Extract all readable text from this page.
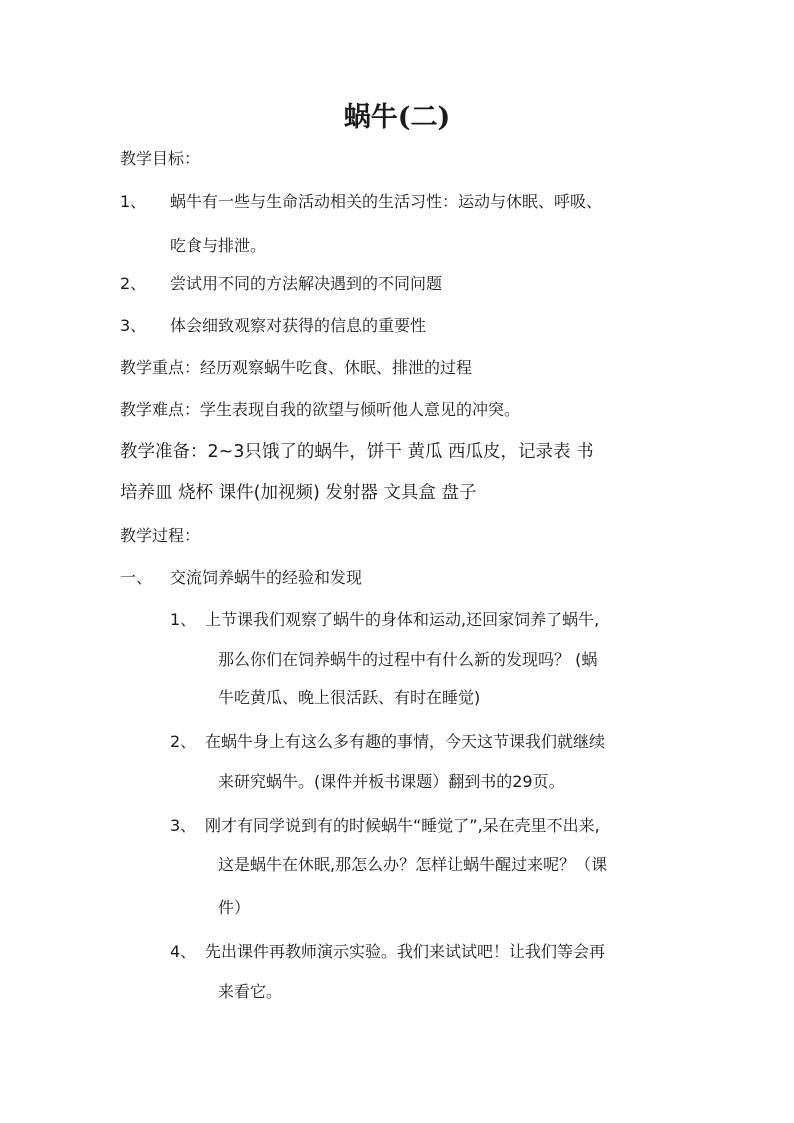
蜗牛(二)
教学目标：
1、 蜗牛有一些与生命活动相关的生活习性：运动与休眠、呼吸、
吃食与排泄。
2、 尝试用不同的方法解决遇到的不同问题
3、 体会细致观察对获得的信息的重要性
教学重点：经历观察蜗牛吃食、休眠、排泄的过程
教学难点：学生表现自我的欲望与倾听他人意见的冲突。
教学准备：2~3只饿了的蜗牛，饼干 黄瓜 西瓜皮，记录表 书
培养皿 烧杯 课件(加视频) 发射器 文具盒 盘子
教学过程：
一、 交流饲养蜗牛的经验和发现
1、 上节课我们观察了蜗牛的身体和运动,还回家饲养了蜗牛,
那么你们在饲养蜗牛的过程中有什么新的发现吗？ (蜗
牛吃黄瓜、晚上很活跃、有时在睡觉)
2、 在蜗牛身上有这么多有趣的事情，今天这节课我们就继续
来研究蜗牛。(课件并板书课题）翻到书的29页。
3、 刚才有同学说到有的时候蜗牛“睡觉了”,呆在壳里不出来,
这是蜗牛在休眠,那怎么办？怎样让蜗牛醒过来呢？（课
件）
4、 先出课件再教师演示实验。我们来试试吧！让我们等会再
来看它。
